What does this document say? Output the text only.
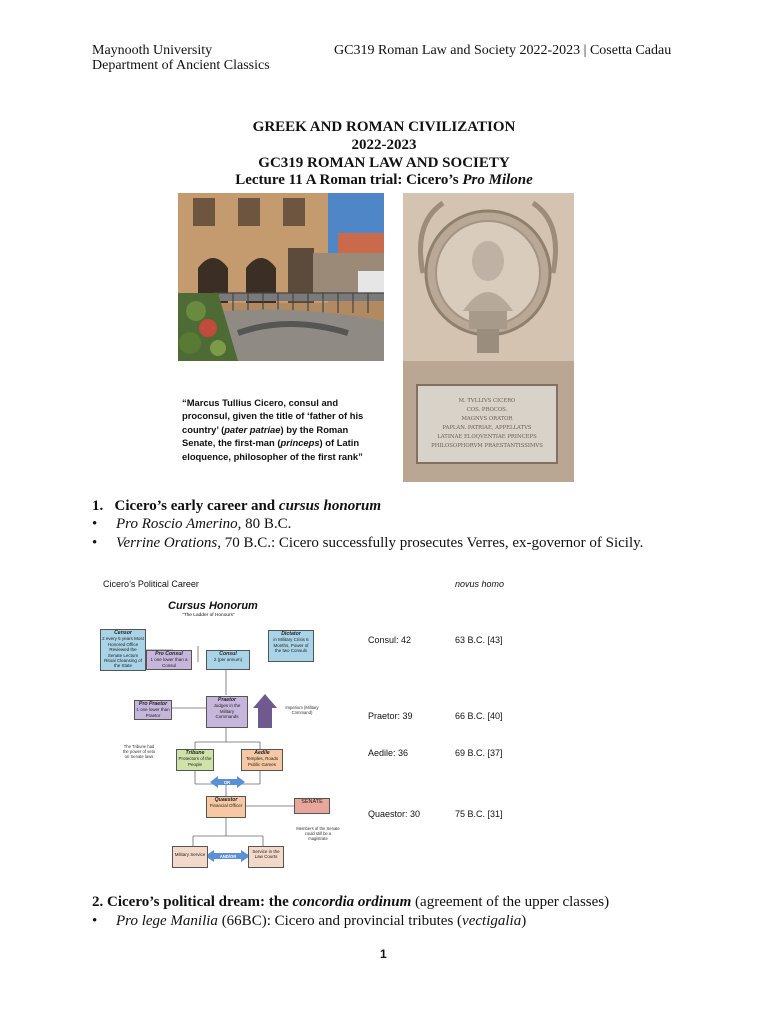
Maynooth University
Department of Ancient Classics
GC319 Roman Law and Society 2022-2023 | Cosetta Cadau
GREEK AND ROMAN CIVILIZATION
2022-2023
GC319 ROMAN LAW AND SOCIETY
Lecture 11 A Roman trial: Cicero’s Pro Milone
M. TVLLIVS CICERO
COS. PROCOS.
MAGNVS ORATOR
PAPLAN. PATRIAE, APPELLATVS
LATINAE ELOQVENTIAE PRINCEPS
PHILOSOPHORVM PRAESTANTISSIMVS
“Marcus Tullius Cicero, consul and proconsul, given the title of ‘father of his country’ (pater patriae) by the Roman Senate, the first-man (princeps) of Latin eloquence, philosopher of the first rank”
1. Cicero’s early career and cursus honorum
• Pro Roscio Amerino, 80 B.C.
• Verrine Orations, 70 B.C.: Cicero successfully prosecutes Verres, ex-governor of Sicily.
Cicero’s Political Career	novus homo
Consul: 42	63 B.C. [43]
Praetor: 39	66 B.C. [40]
Aedile: 36	69 B.C. [37]
Quaestor: 30	75 B.C. [31]
Cursus Honorum
"The Ladder of Honours"
Censor
2 every 5 years Most Honored Office Reviewed the Senate Lectum Ritual Cleansing of the State
Pro Consul
1 one lower than a Consul
Consul
2 (per annum)
Dictator
in Military Crisis 6 Months, Power of the two Consuls
Pro Praetor
1 one lower than Praetor
Praetor
Judges in the Military Commands
Imperium (Military Command)
The Tribune had the power of veto on Senate laws
Tribune
Protectors of the People
Aedile
Temples, Roads Public Games
OR
Quaestor
Financial Officer
SENATE
Members of the Senate could still be a magistrate
Military Service	AND/OR
Service in the Law Courts
2. Cicero’s political dream: the concordia ordinum (agreement of the upper classes)
• Pro lege Manilia (66BC): Cicero and provincial tributes (vectigalia)
1
